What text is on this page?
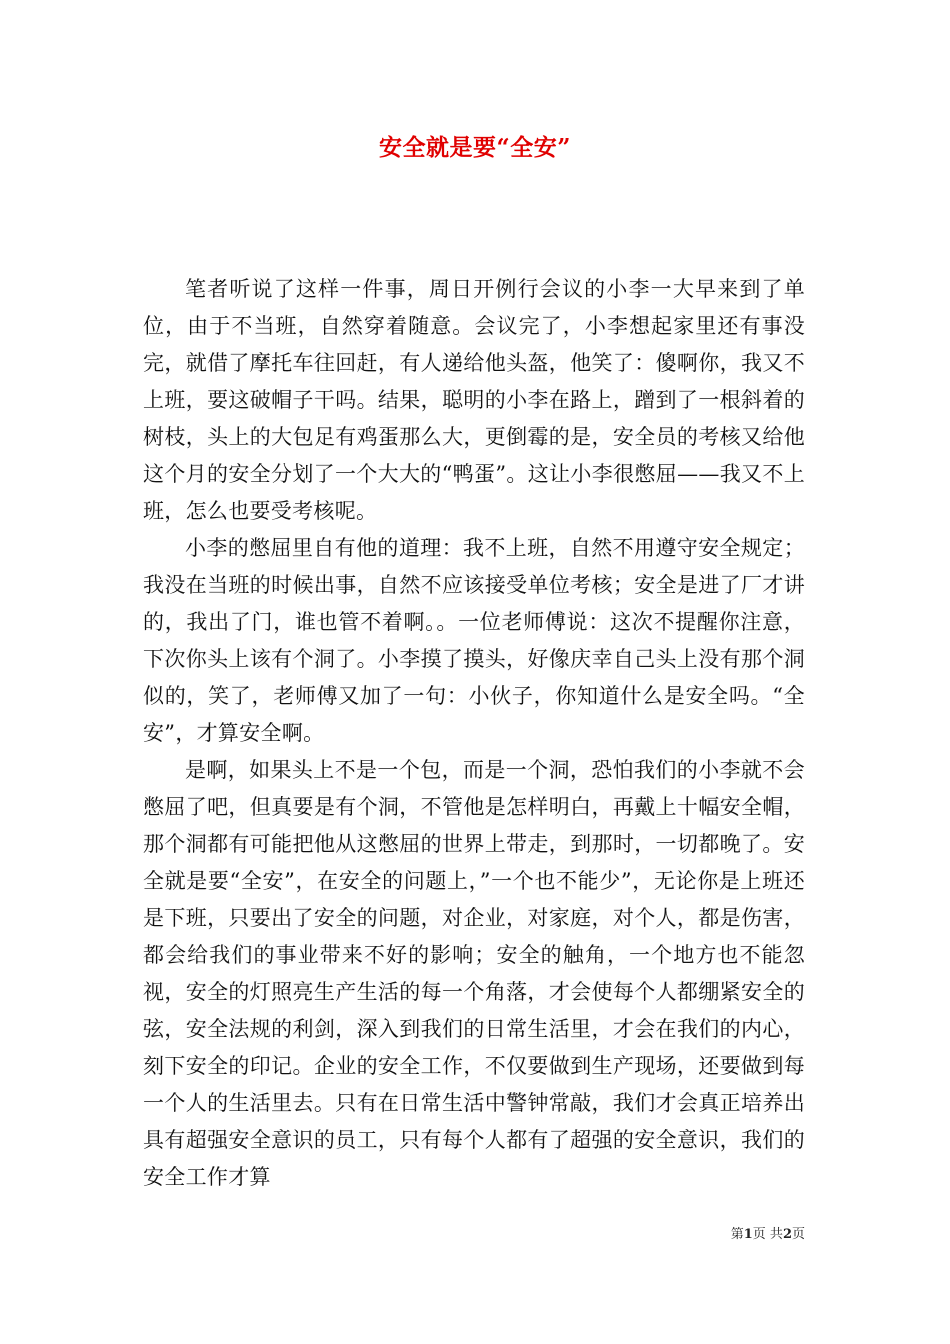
安全就是要“全安”

笔者听说了这样一件事，周日开例行会议的小李一大早来到了单位，由于不当班，自然穿着随意。会议完了，小李想起家里还有事没完，就借了摩托车往回赶，有人递给他头盔，他笑了：傻啊你，我又不上班，要这破帽子干吗。结果，聪明的小李在路上，蹭到了一根斜着的树枝，头上的大包足有鸡蛋那么大，更倒霉的是，安全员的考核又给他这个月的安全分划了一个大大的“鸭蛋”。这让小李很憋屈——我又不上班，怎么也要受考核呢。

小李的憋屈里自有他的道理：我不上班，自然不用遵守安全规定；我没在当班的时候出事，自然不应该接受单位考核；安全是进了厂才讲的，我出了门，谁也管不着啊。。一位老师傅说：这次不提醒你注意，下次你头上该有个洞了。小李摸了摸头，好像庆幸自己头上没有那个洞似的，笑了，老师傅又加了一句：小伙子，你知道什么是安全吗。“全安”，才算安全啊。

是啊，如果头上不是一个包，而是一个洞，恐怕我们的小李就不会憋屈了吧，但真要是有个洞，不管他是怎样明白，再戴上十幅安全帽，那个洞都有可能把他从这憋屈的世界上带走，到那时，一切都晚了。安全就是要“全安”，在安全的问题上，”一个也不能少”，无论你是上班还是下班，只要出了安全的问题，对企业，对家庭，对个人，都是伤害，都会给我们的事业带来不好的影响；安全的触角，一个地方也不能忽视，安全的灯照亮生产生活的每一个角落，才会使每个人都绷紧安全的弦，安全法规的利剑，深入到我们的日常生活里，才会在我们的内心，刻下安全的印记。企业的安全工作，不仅要做到生产现场，还要做到每一个人的生活里去。只有在日常生活中警钟常敲，我们才会真正培养出具有超强安全意识的员工，只有每个人都有了超强的安全意识，我们的安全工作才算

第1页 共2页
